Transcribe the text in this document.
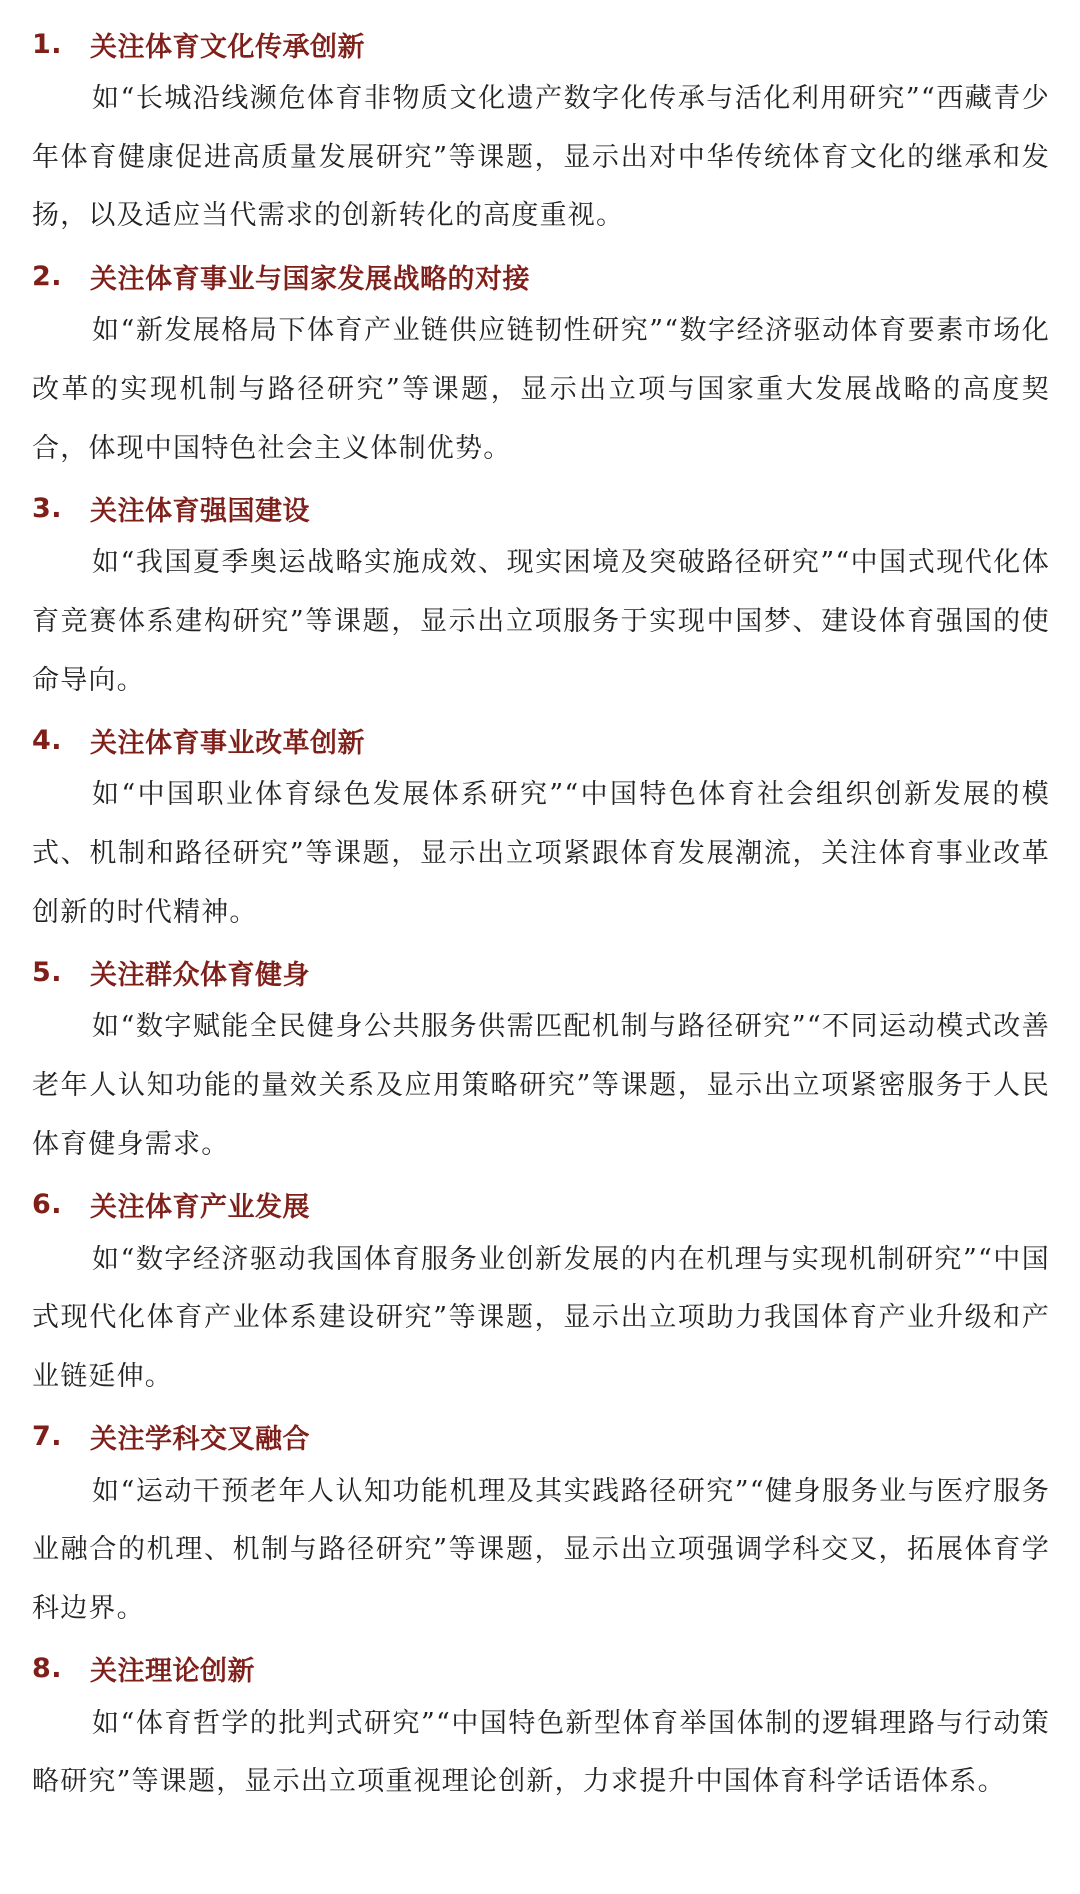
1.	关注体育文化传承创新

如“长城沿线濒危体育非物质文化遗产数字化传承与活化利用研究”“西藏青少年体育健康促进高质量发展研究”等课题，显示出对中华传统体育文化的继承和发扬，以及适应当代需求的创新转化的高度重视。

2.	关注体育事业与国家发展战略的对接

如“新发展格局下体育产业链供应链韧性研究”“数字经济驱动体育要素市场化改革的实现机制与路径研究”等课题，显示出立项与国家重大发展战略的高度契合，体现中国特色社会主义体制优势。

3.	关注体育强国建设

如“我国夏季奥运战略实施成效、现实困境及突破路径研究”“中国式现代化体育竞赛体系建构研究”等课题，显示出立项服务于实现中国梦、建设体育强国的使命导向。

4.	关注体育事业改革创新

如“中国职业体育绿色发展体系研究”“中国特色体育社会组织创新发展的模式、机制和路径研究”等课题，显示出立项紧跟体育发展潮流，关注体育事业改革创新的时代精神。

5.	关注群众体育健身

如“数字赋能全民健身公共服务供需匹配机制与路径研究”“不同运动模式改善老年人认知功能的量效关系及应用策略研究”等课题，显示出立项紧密服务于人民体育健身需求。

6.	关注体育产业发展

如“数字经济驱动我国体育服务业创新发展的内在机理与实现机制研究”“中国式现代化体育产业体系建设研究”等课题，显示出立项助力我国体育产业升级和产业链延伸。

7.	关注学科交叉融合

如“运动干预老年人认知功能机理及其实践路径研究”“健身服务业与医疗服务业融合的机理、机制与路径研究”等课题，显示出立项强调学科交叉，拓展体育学科边界。

8.	关注理论创新

如“体育哲学的批判式研究”“中国特色新型体育举国体制的逻辑理路与行动策略研究”等课题，显示出立项重视理论创新，力求提升中国体育科学话语体系。
